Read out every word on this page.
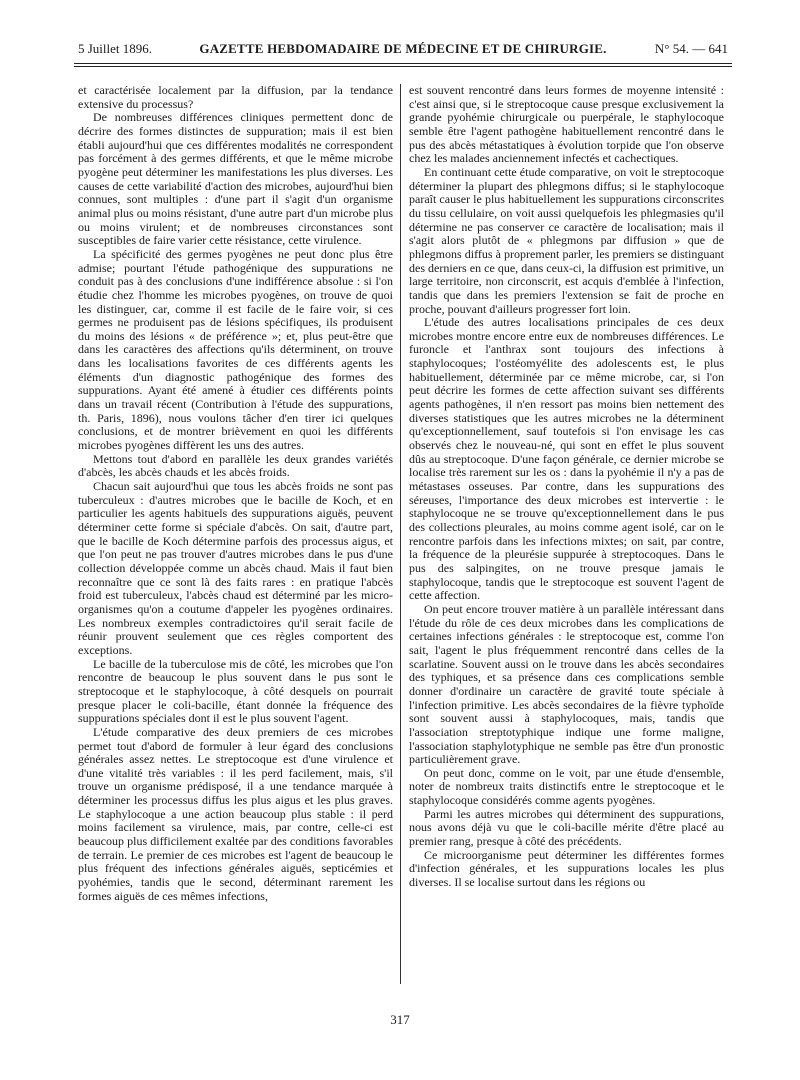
5 Juillet 1896.	GAZETTE HEBDOMADAIRE DE MÉDECINE ET DE CHIRURGIE.	N° 54. — 641

et caractérisée localement par la diffusion, par la tendance extensive du processus?

De nombreuses différences cliniques permettent donc de décrire des formes distinctes de suppuration; mais il est bien établi aujourd'hui que ces différentes modalités ne correspondent pas forcément à des germes différents, et que le même microbe pyogène peut déterminer les manifestations les plus diverses. Les causes de cette variabilité d'action des microbes, aujourd'hui bien connues, sont multiples : d'une part il s'agit d'un organisme animal plus ou moins résistant, d'une autre part d'un microbe plus ou moins virulent; et de nombreuses circonstances sont susceptibles de faire varier cette résistance, cette virulence.

La spécificité des germes pyogènes ne peut donc plus être admise; pourtant l'étude pathogénique des suppurations ne conduit pas à des conclusions d'une indifférence absolue : si l'on étudie chez l'homme les microbes pyogènes, on trouve de quoi les distinguer, car, comme il est facile de le faire voir, si ces germes ne produisent pas de lésions spécifiques, ils produisent du moins des lésions « de préférence »; et, plus peut-être que dans les caractères des affections qu'ils déterminent, on trouve dans les localisations favorites de ces différents agents les éléments d'un diagnostic pathogénique des formes des suppurations. Ayant été amené à étudier ces différents points dans un travail récent (Contribution à l'étude des suppurations, th. Paris, 1896), nous voulons tâcher d'en tirer ici quelques conclusions, et de montrer brièvement en quoi les différents microbes pyogènes diffèrent les uns des autres.

Mettons tout d'abord en parallèle les deux grandes variétés d'abcès, les abcès chauds et les abcès froids.

Chacun sait aujourd'hui que tous les abcès froids ne sont pas tuberculeux : d'autres microbes que le bacille de Koch, et en particulier les agents habituels des suppurations aiguës, peuvent déterminer cette forme si spéciale d'abcès. On sait, d'autre part, que le bacille de Koch détermine parfois des processus aigus, et que l'on peut ne pas trouver d'autres microbes dans le pus d'une collection développée comme un abcès chaud. Mais il faut bien reconnaître que ce sont là des faits rares : en pratique l'abcès froid est tuberculeux, l'abcès chaud est déterminé par les micro-organismes qu'on a coutume d'appeler les pyogènes ordinaires. Les nombreux exemples contradictoires qu'il serait facile de réunir prouvent seulement que ces règles comportent des exceptions.

Le bacille de la tuberculose mis de côté, les microbes que l'on rencontre de beaucoup le plus souvent dans le pus sont le streptocoque et le staphylocoque, à côté desquels on pourrait presque placer le coli-bacille, étant donnée la fréquence des suppurations spéciales dont il est le plus souvent l'agent.

L'étude comparative des deux premiers de ces microbes permet tout d'abord de formuler à leur égard des conclusions générales assez nettes. Le streptocoque est d'une virulence et d'une vitalité très variables : il les perd facilement, mais, s'il trouve un organisme prédisposé, il a une tendance marquée à déterminer les processus diffus les plus aigus et les plus graves. Le staphylocoque a une action beaucoup plus stable : il perd moins facilement sa virulence, mais, par contre, celle-ci est beaucoup plus difficilement exaltée par des conditions favorables de terrain. Le premier de ces microbes est l'agent de beaucoup le plus fréquent des infections générales aiguës, septicémies et pyohémies, tandis que le second, déterminant rarement les formes aiguës de ces mêmes infections,

est souvent rencontré dans leurs formes de moyenne intensité : c'est ainsi que, si le streptocoque cause presque exclusivement la grande pyohémie chirurgicale ou puerpérale, le staphylocoque semble être l'agent pathogène habituellement rencontré dans le pus des abcès métastatiques à évolution torpide que l'on observe chez les malades anciennement infectés et cachectiques.

En continuant cette étude comparative, on voit le streptocoque déterminer la plupart des phlegmons diffus; si le staphylocoque paraît causer le plus habituellement les suppurations circonscrites du tissu cellulaire, on voit aussi quelquefois les phlegmasies qu'il détermine ne pas conserver ce caractère de localisation; mais il s'agit alors plutôt de « phlegmons par diffusion » que de phlegmons diffus à proprement parler, les premiers se distinguant des derniers en ce que, dans ceux-ci, la diffusion est primitive, un large territoire, non circonscrit, est acquis d'emblée à l'infection, tandis que dans les premiers l'extension se fait de proche en proche, pouvant d'ailleurs progresser fort loin.

L'étude des autres localisations principales de ces deux microbes montre encore entre eux de nombreuses différences. Le furoncle et l'anthrax sont toujours des infections à staphylocoques; l'ostéomyélite des adolescents est, le plus habituellement, déterminée par ce même microbe, car, si l'on peut décrire les formes de cette affection suivant ses différents agents pathogènes, il n'en ressort pas moins bien nettement des diverses statistiques que les autres microbes ne la déterminent qu'exceptionnellement, sauf toutefois si l'on envisage les cas observés chez le nouveau-né, qui sont en effet le plus souvent dûs au streptocoque. D'une façon générale, ce dernier microbe se localise très rarement sur les os : dans la pyohémie il n'y a pas de métastases osseuses. Par contre, dans les suppurations des séreuses, l'importance des deux microbes est intervertie : le staphylocoque ne se trouve qu'exceptionnellement dans le pus des collections pleurales, au moins comme agent isolé, car on le rencontre parfois dans les infections mixtes; on sait, par contre, la fréquence de la pleurésie suppurée à streptocoques. Dans le pus des salpingites, on ne trouve presque jamais le staphylocoque, tandis que le streptocoque est souvent l'agent de cette affection.

On peut encore trouver matière à un parallèle intéressant dans l'étude du rôle de ces deux microbes dans les complications de certaines infections générales : le streptocoque est, comme l'on sait, l'agent le plus fréquemment rencontré dans celles de la scarlatine. Souvent aussi on le trouve dans les abcès secondaires des typhiques, et sa présence dans ces complications semble donner d'ordinaire un caractère de gravité toute spéciale à l'infection primitive. Les abcès secondaires de la fièvre typhoïde sont souvent aussi à staphylocoques, mais, tandis que l'association streptotyphique indique une forme maligne, l'association staphylotyphique ne semble pas être d'un pronostic particulièrement grave.

On peut donc, comme on le voit, par une étude d'ensemble, noter de nombreux traits distinctifs entre le streptocoque et le staphylocoque considérés comme agents pyogènes.

Parmi les autres microbes qui déterminent des suppurations, nous avons déjà vu que le coli-bacille mérite d'être placé au premier rang, presque à côté des précédents.

Ce microorganisme peut déterminer les différentes formes d'infection générales, et les suppurations locales les plus diverses. Il se localise surtout dans les régions ou

317
